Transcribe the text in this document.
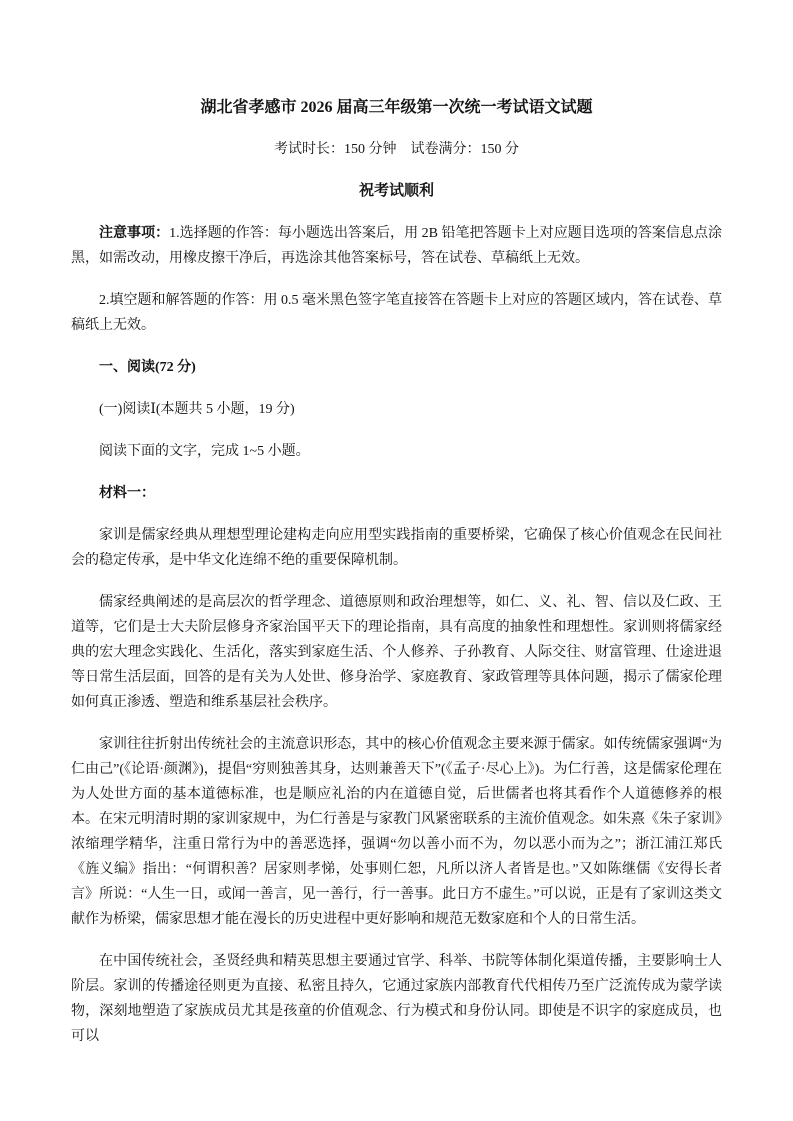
湖北省孝感市 2026 届高三年级第一次统一考试语文试题

考试时长：150 分钟　试卷满分：150 分

祝考试顺利

注意事项：1.选择题的作答：每小题选出答案后，用 2B 铅笔把答题卡上对应题目选项的答案信息点涂黑，如需改动，用橡皮擦干净后，再选涂其他答案标号，答在试卷、草稿纸上无效。

2.填空题和解答题的作答：用 0.5 毫米黑色签字笔直接答在答题卡上对应的答题区域内，答在试卷、草稿纸上无效。

一、阅读(72 分)

(一)阅读Ⅰ(本题共 5 小题，19 分)

阅读下面的文字，完成 1~5 小题。

材料一：

家训是儒家经典从理想型理论建构走向应用型实践指南的重要桥梁，它确保了核心价值观念在民间社会的稳定传承，是中华文化连绵不绝的重要保障机制。

儒家经典阐述的是高层次的哲学理念、道德原则和政治理想等，如仁、义、礼、智、信以及仁政、王道等，它们是士大夫阶层修身齐家治国平天下的理论指南，具有高度的抽象性和理想性。家训则将儒家经典的宏大理念实践化、生活化，落实到家庭生活、个人修养、子孙教育、人际交往、财富管理、仕途进退等日常生活层面，回答的是有关为人处世、修身治学、家庭教育、家政管理等具体问题，揭示了儒家伦理如何真正渗透、塑造和维系基层社会秩序。

家训往往折射出传统社会的主流意识形态，其中的核心价值观念主要来源于儒家。如传统儒家强调“为仁由己”(《论语·颜渊》)，提倡“穷则独善其身，达则兼善天下”(《孟子·尽心上》)。为仁行善，这是儒家伦理在为人处世方面的基本道德标准，也是顺应礼治的内在道德自觉，后世儒者也将其看作个人道德修养的根本。在宋元明清时期的家训家规中，为仁行善是与家教门风紧密联系的主流价值观念。如朱熹《朱子家训》浓缩理学精华，注重日常行为中的善恶选择，强调“勿以善小而不为，勿以恶小而为之”；浙江浦江郑氏《旌义编》指出：“何谓积善？居家则孝悌，处事则仁恕，凡所以济人者皆是也。”又如陈继儒《安得长者言》所说：“人生一日，或闻一善言，见一善行，行一善事。此日方不虚生。”可以说，正是有了家训这类文献作为桥梁，儒家思想才能在漫长的历史进程中更好影响和规范无数家庭和个人的日常生活。

在中国传统社会，圣贤经典和精英思想主要通过官学、科举、书院等体制化渠道传播，主要影响士人阶层。家训的传播途径则更为直接、私密且持久，它通过家族内部教育代代相传乃至广泛流传成为蒙学读物，深刻地塑造了家族成员尤其是孩童的价值观念、行为模式和身份认同。即使是不识字的家庭成员，也可以
